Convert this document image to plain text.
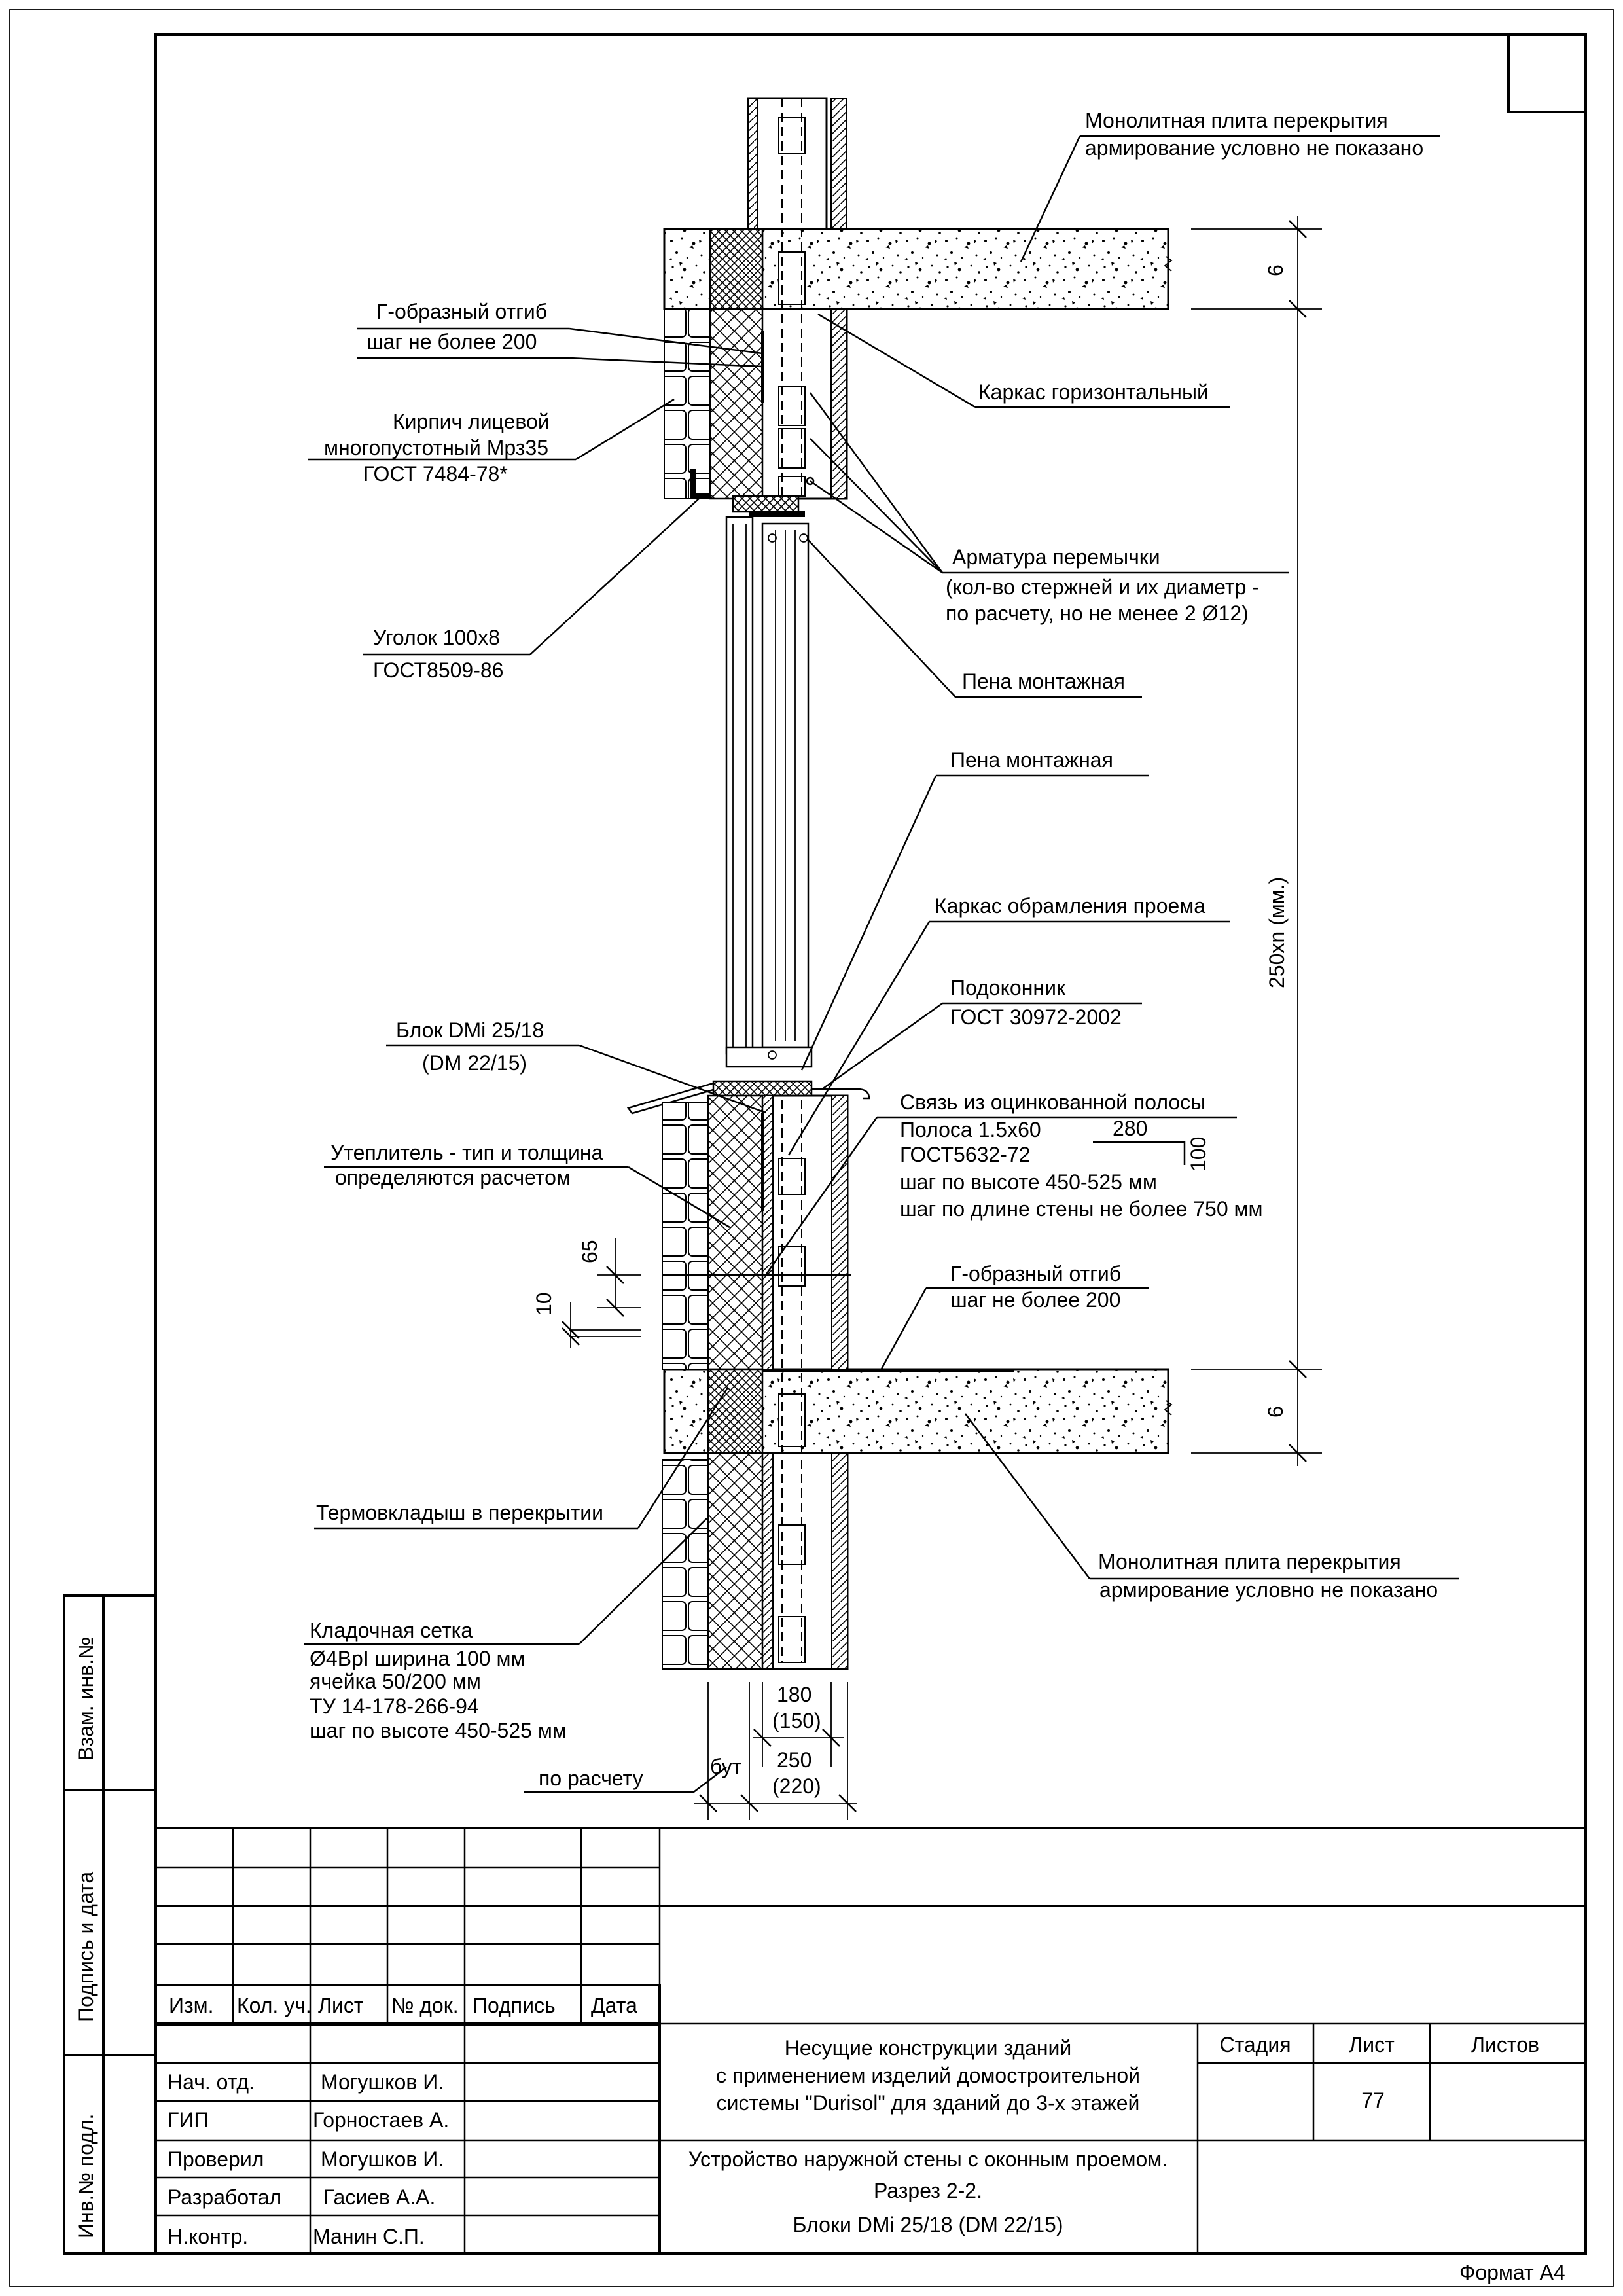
Взам. инв.№
Подпись и дата
Инв.№ подл.
6
6
250хn (мм.)
65
10
180
(150)
250
(220)
бут
Монолитная плита перекрытия
армирование условно не показано
Г-образный отгиб
шаг не более 200
Кирпич лицевой
многопустотный Мрз35
ГОСТ 7484-78*
Каркас горизонтальный
Арматура перемычки
(кол-во стержней и их диаметр -
по расчету, но не менее 2 Ø12)
Уголок 100х8
ГОСТ8509-86	Пена монтажная
Пена монтажная
Каркас обрамления проема
Подоконник
ГОСТ 30972-2002
Блок DMi 25/18
(DM 22/15)
Связь из оцинкованной полосы
Полоса 1.5х60
ГОСТ5632-72
шаг по высоте 450-525 мм
шаг по длине стены не более 750 мм
280
100
Утеплитель - тип и толщина
определяются расчетом
Г-образный отгиб
шаг не более 200
Термовкладыш в перекрытии
Монолитная плита перекрытия
армирование условно не показано
Кладочная сетка
Ø4BpI ширина 100 мм
ячейка 50/200 мм
ТУ 14-178-266-94
шаг по высоте 450-525 мм
по расчету
Изм. Кол. уч. Лист № док. Подпись Дата
Нач. отд.	Могушков И.
ГИП	Горностаев А.
Проверил	Могушков И.
Разработал Гасиев А.А.
Н.контр.	Манин С.П.
Несущие конструкции зданий
с применением изделий домостроительной
системы "Durisol" для зданий до 3-х этажей
Стадия	Лист	Листов
77
Устройство наружной стены с оконным проемом.
Разрез 2-2.
Блоки DMi 25/18 (DM 22/15)
Формат А4
